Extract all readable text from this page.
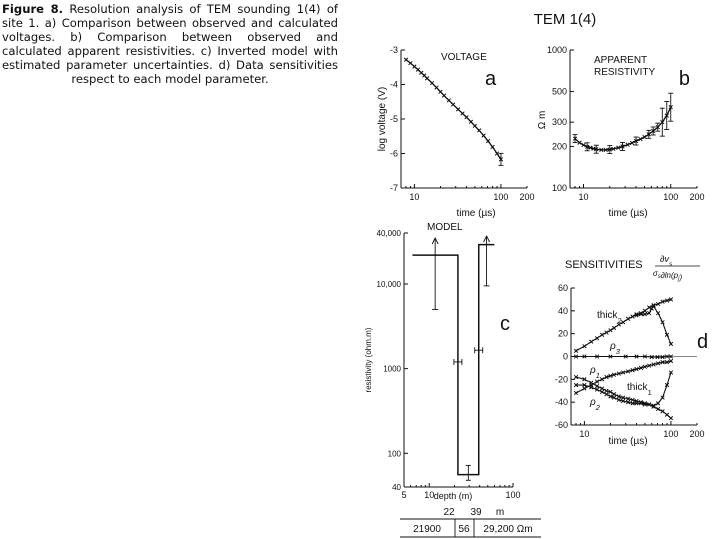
Figure 8. Resolution analysis of TEM sounding 1(4) of site 1. a) Comparison between observed and calculated voltages. b) Comparison between observed and calculated apparent resistivities. c) Inverted model with estimated parameter uncertainties. d) Data sensitivities respect to each model parameter.
TEM 1(4)
-3
-4
-5
-6
-7
10	100 200
time (µs)
log voltage (V)
VOLTAGE
a
100
200
300
500
1000
10	100 200
time (µs)
Ω m
APPARENT
RESISTIVITY b
40,000
10,000
1000
100
40
5 10	100
depth (m)
resistivity (ohm.m)
MODEL
c
22 39 m
21900 56 29,200 Ωm
60
40
20
0
-20
-40
-60
10	100 200
time (µs)
SENSITIVITIES $\partial v_s$
$\sigma_s\partial\ln(p_j)$
d
thick$_2$
$\rho_3$
$\rho_1$
thick$_1$
$\rho_2$
